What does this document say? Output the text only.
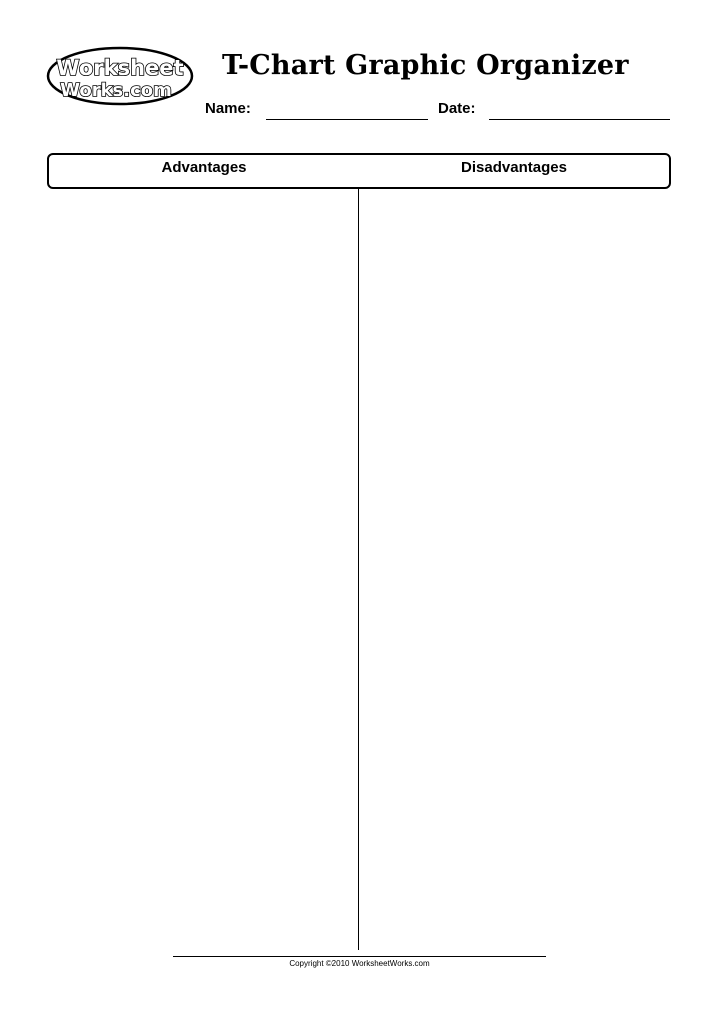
Worksheet
Works.com
T-Chart Graphic Organizer
Name:	Date:
Advantages	Disadvantages
Copyright ©2010 WorksheetWorks.com
